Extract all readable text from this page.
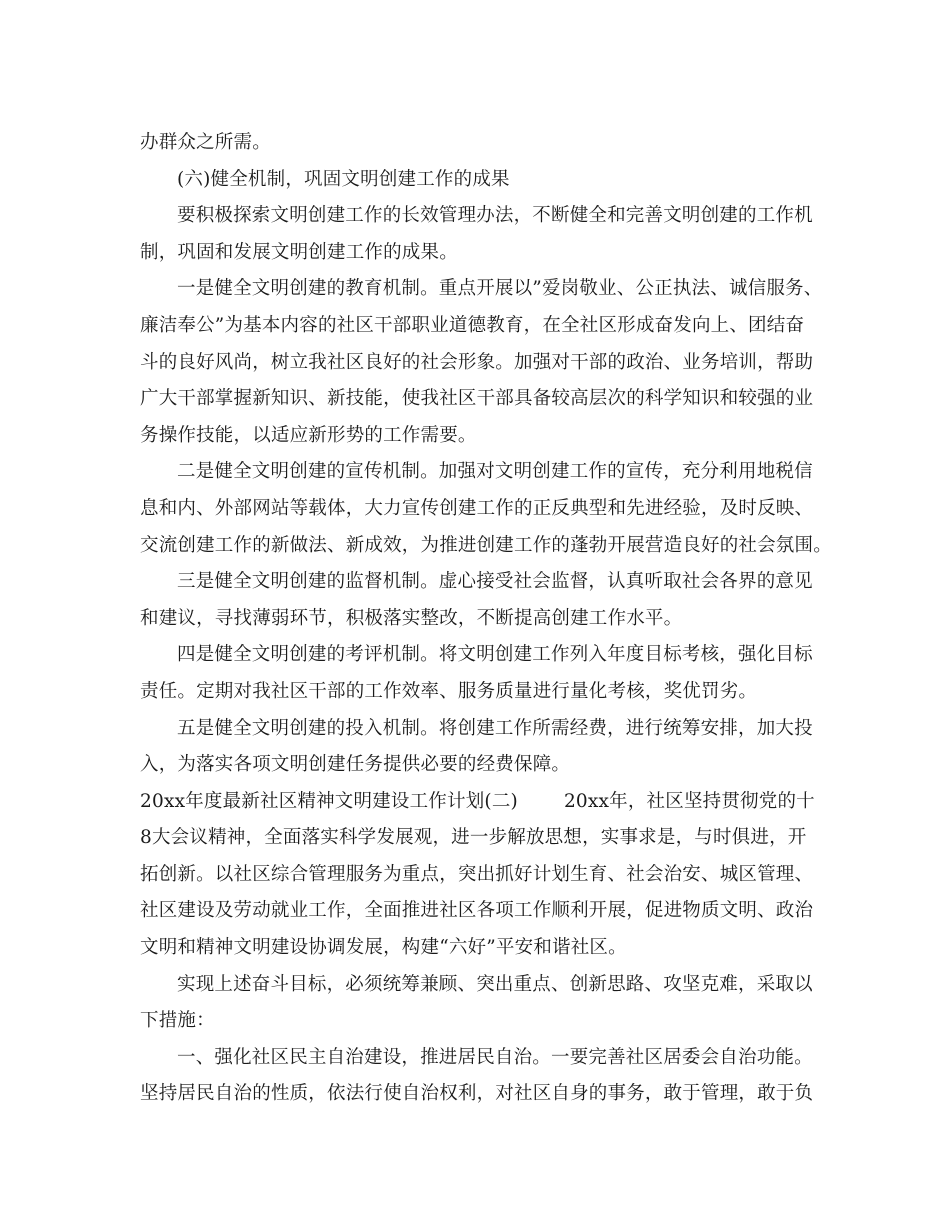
办群众之所需。
(六)健全机制，巩固文明创建工作的成果
要积极探索文明创建工作的长效管理办法，不断健全和完善文明创建的工作机
制，巩固和发展文明创建工作的成果。
一是健全文明创建的教育机制。重点开展以”爱岗敬业、公正执法、诚信服务、
廉洁奉公”为基本内容的社区干部职业道德教育，在全社区形成奋发向上、团结奋
斗的良好风尚，树立我社区良好的社会形象。加强对干部的政治、业务培训，帮助
广大干部掌握新知识、新技能，使我社区干部具备较高层次的科学知识和较强的业
务操作技能，以适应新形势的工作需要。
二是健全文明创建的宣传机制。加强对文明创建工作的宣传，充分利用地税信
息和内、外部网站等载体，大力宣传创建工作的正反典型和先进经验，及时反映、
交流创建工作的新做法、新成效，为推进创建工作的蓬勃开展营造良好的社会氛围。
三是健全文明创建的监督机制。虚心接受社会监督，认真听取社会各界的意见
和建议，寻找薄弱环节，积极落实整改，不断提高创建工作水平。
四是健全文明创建的考评机制。将文明创建工作列入年度目标考核，强化目标
责任。定期对我社区干部的工作效率、服务质量进行量化考核，奖优罚劣。
五是健全文明创建的投入机制。将创建工作所需经费，进行统筹安排，加大投
入，为落实各项文明创建任务提供必要的经费保障。
20xx年度最新社区精神文明建设工作计划(二) 20xx年，社区坚持贯彻党的十
8大会议精神，全面落实科学发展观，进一步解放思想，实事求是，与时俱进，开
拓创新。以社区综合管理服务为重点，突出抓好计划生育、社会治安、城区管理、
社区建设及劳动就业工作，全面推进社区各项工作顺利开展，促进物质文明、政治
文明和精神文明建设协调发展，构建“六好”平安和谐社区。
实现上述奋斗目标，必须统筹兼顾、突出重点、创新思路、攻坚克难，采取以
下措施：
一、强化社区民主自治建设，推进居民自治。一要完善社区居委会自治功能。
坚持居民自治的性质，依法行使自治权利，对社区自身的事务，敢于管理，敢于负
